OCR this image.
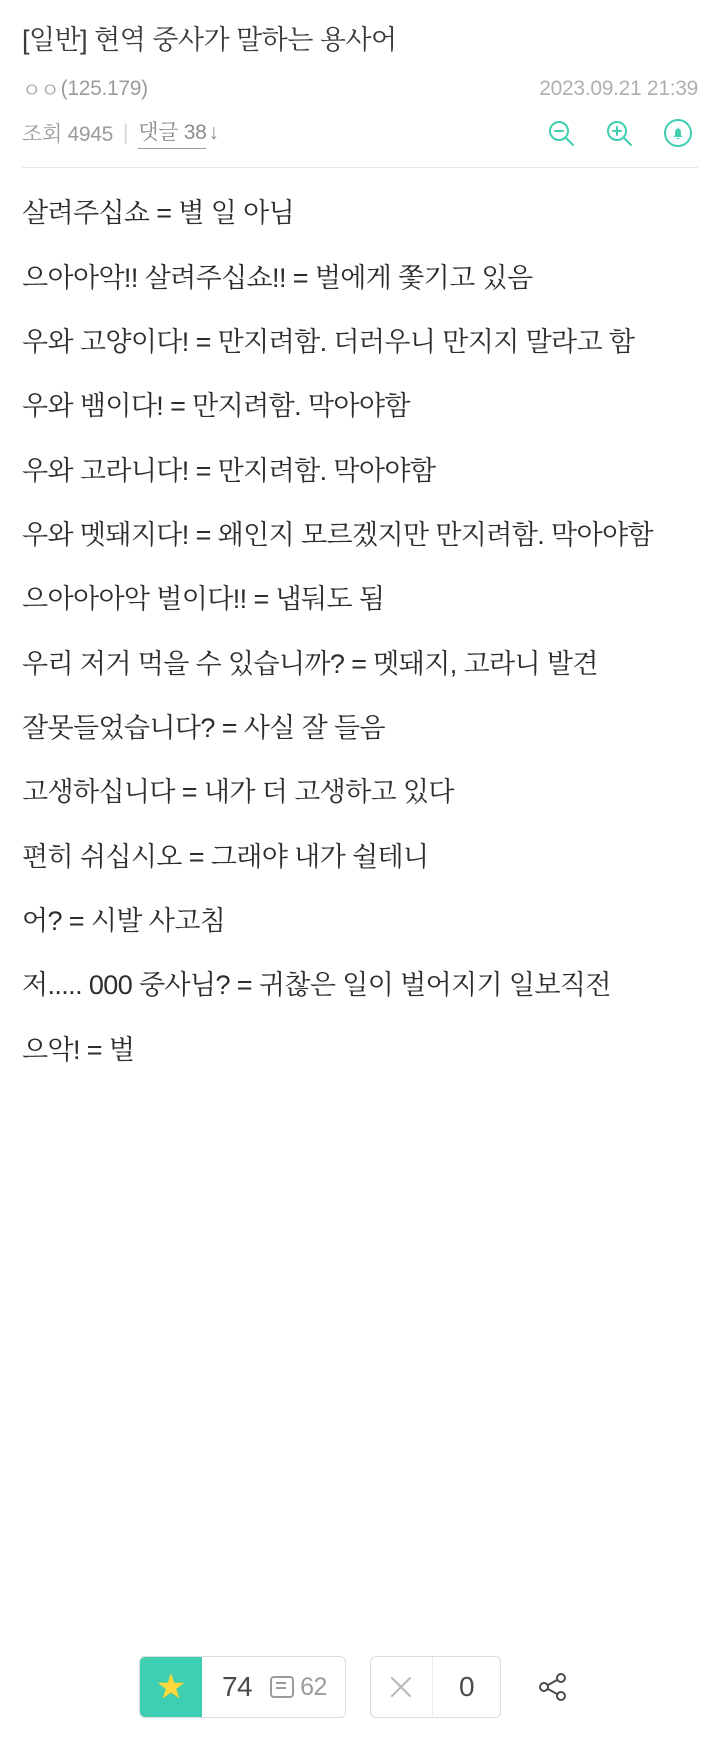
[일반] 현역 중사가 말하는 용사어
ㅇㅇ (125.179)	2023.09.21 21:39
조회 4945 | 댓글 38 ↓

살려주십쇼 = 별 일 아님

으아아악!! 살려주십쇼!! = 벌에게 쫓기고 있음

우와 고양이다! = 만지려함. 더러우니 만지지 말라고 함

우와 뱀이다! = 만지려함. 막아야함

우와 고라니다! = 만지려함. 막아야함

우와 멧돼지다! = 왜인지 모르겠지만 만지려함. 막아야함

으아아아악 벌이다!! = 냅둬도 됨

우리 저거 먹을 수 있습니까? = 멧돼지, 고라니 발견

잘못들었습니다? = 사실 잘 들음

고생하십니다 = 내가 더 고생하고 있다

편히 쉬십시오 = 그래야 내가 쉴테니

어? = 시발 사고침

저..... 000 중사님? = 귀찮은 일이 벌어지기 일보직전

으악! = 벌

★	74	62	0
